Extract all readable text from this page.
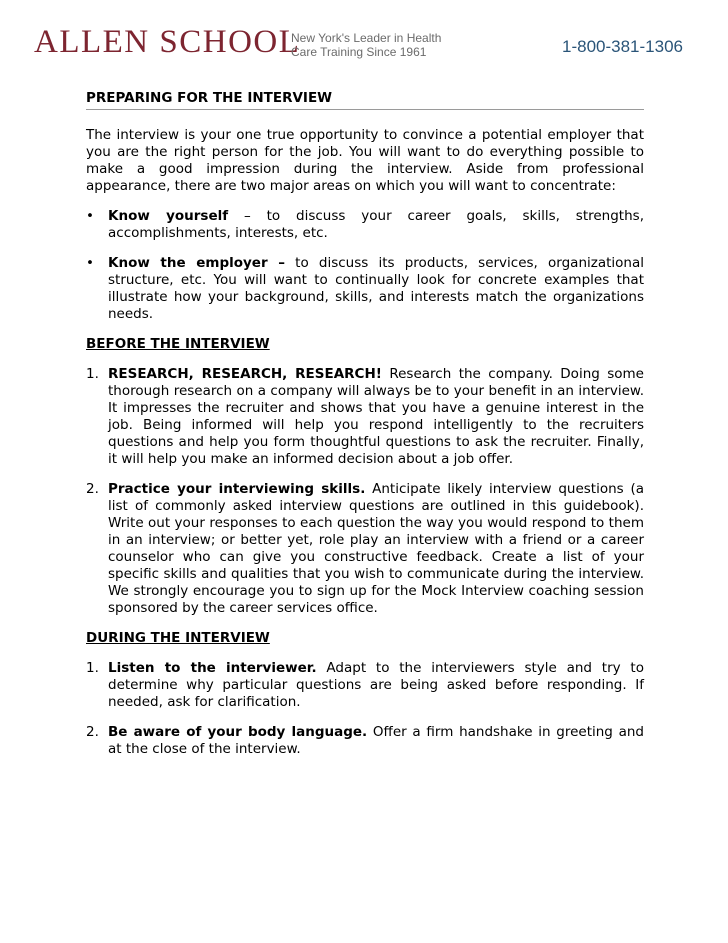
ALLEN SCHOOL
New York's Leader in Health
Care Training Since 1961	1-800-381-1306
PREPARING FOR THE INTERVIEW

The interview is your one true opportunity to convince a potential employer that you are the right person for the job. You will want to do everything possible to make a good impression during the interview. Aside from professional appearance, there are two major areas on which you will want to concentrate:

• Know yourself – to discuss your career goals, skills, strengths, accomplishments, interests, etc.
• Know the employer – to discuss its products, services, organizational structure, etc. You will want to continually look for concrete examples that illustrate how your background, skills, and interests match the organizations needs.
BEFORE THE INTERVIEW
1. RESEARCH, RESEARCH, RESEARCH! Research the company. Doing some thorough research on a company will always be to your benefit in an interview. It impresses the recruiter and shows that you have a genuine interest in the job. Being informed will help you respond intelligently to the recruiters questions and help you form thoughtful questions to ask the recruiter. Finally, it will help you make an informed decision about a job offer.
2. Practice your interviewing skills. Anticipate likely interview questions (a list of commonly asked interview questions are outlined in this guidebook). Write out your responses to each question the way you would respond to them in an interview; or better yet, role play an interview with a friend or a career counselor who can give you constructive feedback. Create a list of your specific skills and qualities that you wish to communicate during the interview. We strongly encourage you to sign up for the Mock Interview coaching session sponsored by the career services office.
DURING THE INTERVIEW
1. Listen to the interviewer. Adapt to the interviewers style and try to determine why particular questions are being asked before responding. If needed, ask for clarification.
2. Be aware of your body language. Offer a firm handshake in greeting and at the close of the interview.
